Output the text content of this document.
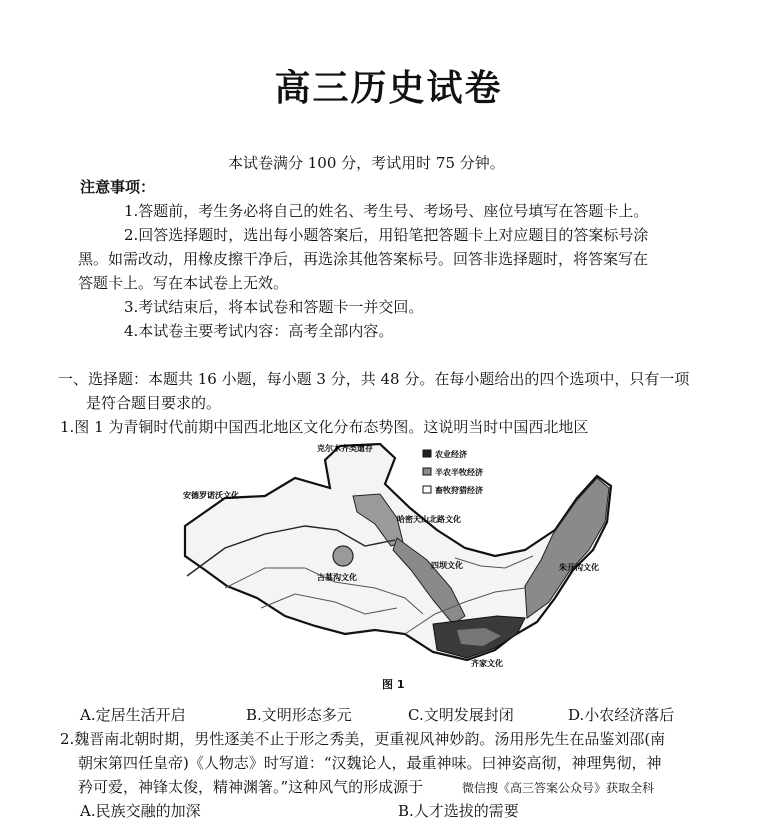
高三历史试卷
本试卷满分 100 分，考试用时 75 分钟。
注意事项：
1.答题前，考生务必将自己的姓名、考生号、考场号、座位号填写在答题卡上。
2.回答选择题时，选出每小题答案后，用铅笔把答题卡上对应题目的答案标号涂
黑。如需改动，用橡皮擦干净后，再选涂其他答案标号。回答非选择题时，将答案写在
答题卡上。写在本试卷上无效。
3.考试结束后，将本试卷和答题卡一并交回。
4.本试卷主要考试内容：高考全部内容。
一、选择题：本题共 16 小题，每小题 3 分，共 48 分。在每小题给出的四个选项中，只有一项
是符合题目要求的。
1.图 1 为青铜时代前期中国西北地区文化分布态势图。这说明当时中国西北地区
克尔木齐类遗存
安德罗诺沃文化
哈密天山北路文化
古墓沟文化
四坝文化	朱开沟文化
齐家文化
农业经济
半农半牧经济
畜牧狩猎经济
图 1
A.定居生活开启	B.文明形态多元	C.文明发展封闭	D.小农经济落后
2.魏晋南北朝时期，男性逐美不止于形之秀美，更重视风神妙韵。汤用彤先生在品鉴刘邵(南
朝宋第四任皇帝)《人物志》时写道：“汉魏论人，最重神味。曰神姿高彻，神理隽彻，神
矜可爱，神锋太俊，精神渊箸。”这种风气的形成源于	微信搜《高三答案公众号》获取全科
A.民族交融的加深	B.人才选拔的需要
